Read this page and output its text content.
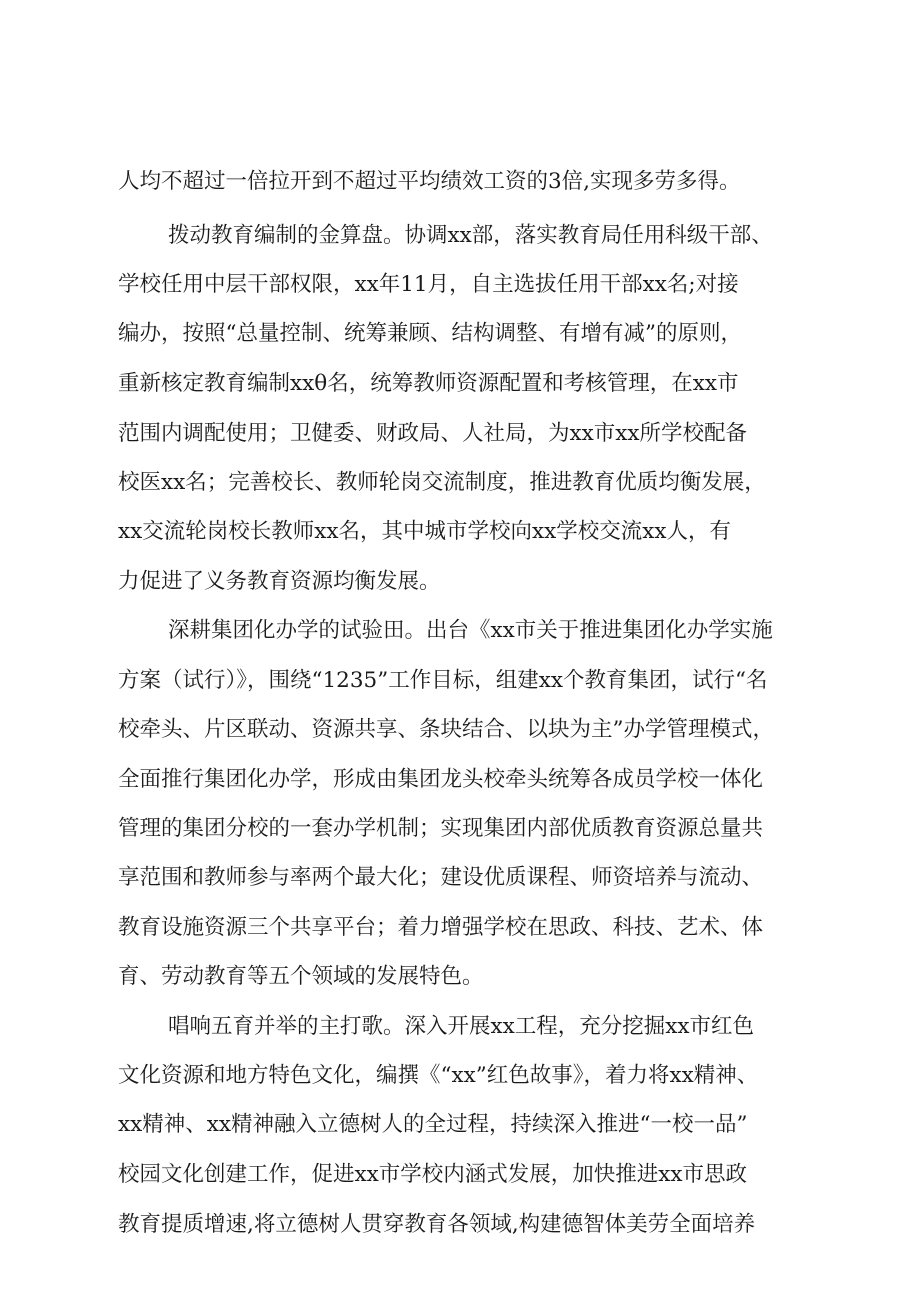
人均不超过一倍拉开到不超过平均绩效工资的3倍,实现多劳多得。
拨动教育编制的金算盘。协调xx部，落实教育局任用科级干部、
学校任用中层干部权限，xx年11月，自主选拔任用干部xx名;对接
编办，按照“总量控制、统筹兼顾、结构调整、有增有减”的原则，
重新核定教育编制xxθ名，统筹教师资源配置和考核管理，在xx市
范围内调配使用；卫健委、财政局、人社局，为xx市xx所学校配备
校医xx名；完善校长、教师轮岗交流制度，推进教育优质均衡发展，
xx交流轮岗校长教师xx名，其中城市学校向xx学校交流xx人，有
力促进了义务教育资源均衡发展。
深耕集团化办学的试验田。出台《xx市关于推进集团化办学实施
方案（试行）》，围绕“1235”工作目标，组建xx个教育集团，试行“名
校牵头、片区联动、资源共享、条块结合、以块为主”办学管理模式，
全面推行集团化办学，形成由集团龙头校牵头统筹各成员学校一体化
管理的集团分校的一套办学机制；实现集团内部优质教育资源总量共
享范围和教师参与率两个最大化；建设优质课程、师资培养与流动、
教育设施资源三个共享平台；着力增强学校在思政、科技、艺术、体
育、劳动教育等五个领域的发展特色。
唱响五育并举的主打歌。深入开展xx工程，充分挖掘xx市红色
文化资源和地方特色文化，编撰《“xx”红色故事》，着力将xx精神、
xx精神、xx精神融入立德树人的全过程，持续深入推进“一校一品”
校园文化创建工作，促进xx市学校内涵式发展，加快推进xx市思政
教育提质增速,将立德树人贯穿教育各领域,构建德智体美劳全面培养
